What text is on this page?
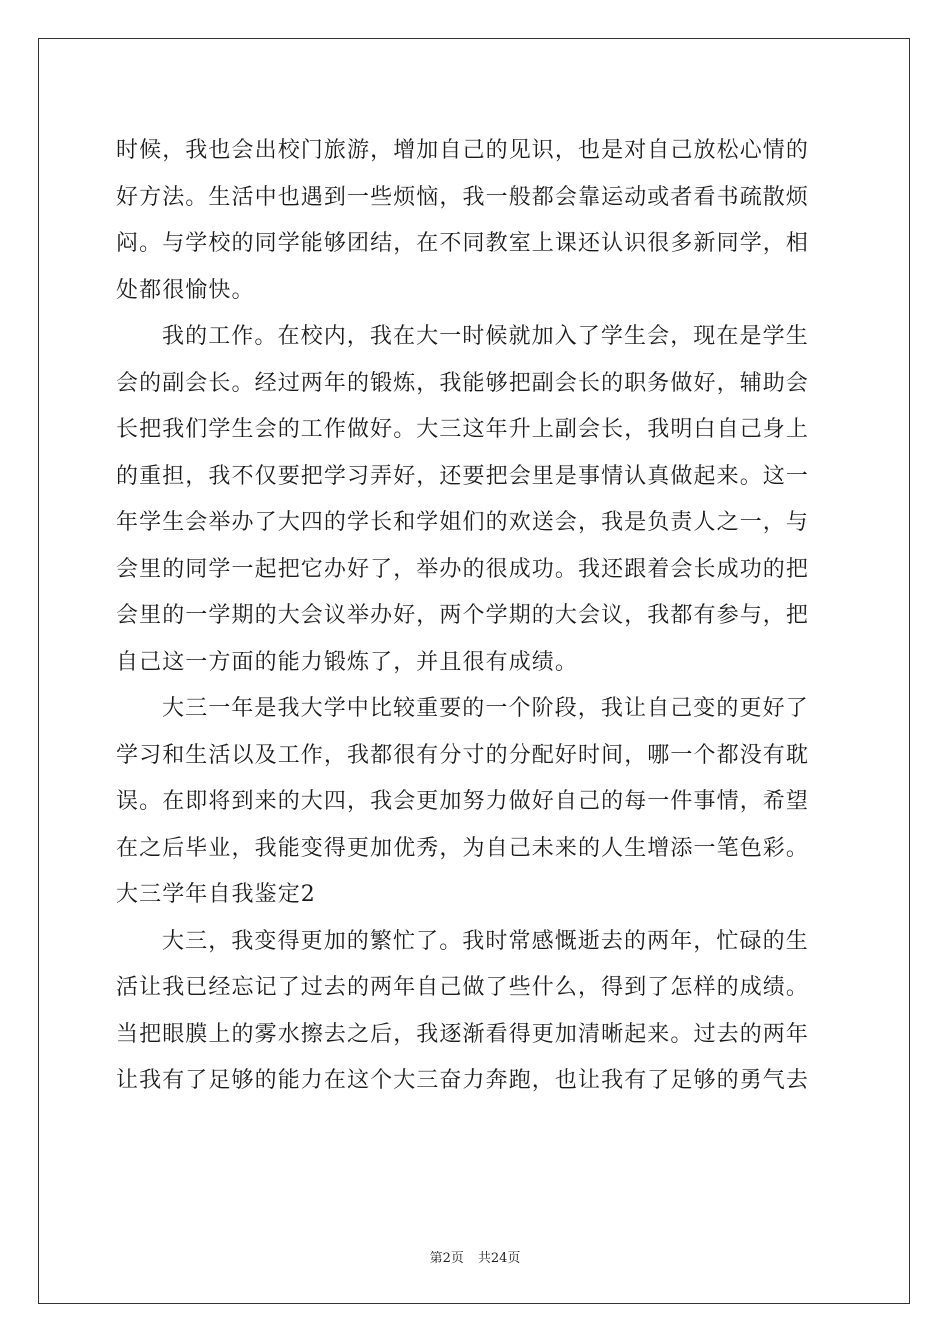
时候，我也会出校门旅游，增加自己的见识，也是对自己放松心情的
好方法。生活中也遇到一些烦恼，我一般都会靠运动或者看书疏散烦
闷。与学校的同学能够团结，在不同教室上课还认识很多新同学，相
处都很愉快。
我的工作。在校内，我在大一时候就加入了学生会，现在是学生
会的副会长。经过两年的锻炼，我能够把副会长的职务做好，辅助会
长把我们学生会的工作做好。大三这年升上副会长，我明白自己身上
的重担，我不仅要把学习弄好，还要把会里是事情认真做起来。这一
年学生会举办了大四的学长和学姐们的欢送会，我是负责人之一，与
会里的同学一起把它办好了，举办的很成功。我还跟着会长成功的把
会里的一学期的大会议举办好，两个学期的大会议，我都有参与，把
自己这一方面的能力锻炼了，并且很有成绩。
大三一年是我大学中比较重要的一个阶段，我让自己变的更好了
学习和生活以及工作，我都很有分寸的分配好时间，哪一个都没有耽
误。在即将到来的大四，我会更加努力做好自己的每一件事情，希望
在之后毕业，我能变得更加优秀，为自己未来的人生增添一笔色彩。
大三学年自我鉴定2
大三，我变得更加的繁忙了。我时常感慨逝去的两年，忙碌的生
活让我已经忘记了过去的两年自己做了些什么，得到了怎样的成绩。
当把眼膜上的雾水擦去之后，我逐渐看得更加清晰起来。过去的两年
让我有了足够的能力在这个大三奋力奔跑，也让我有了足够的勇气去
第2页 共24页
